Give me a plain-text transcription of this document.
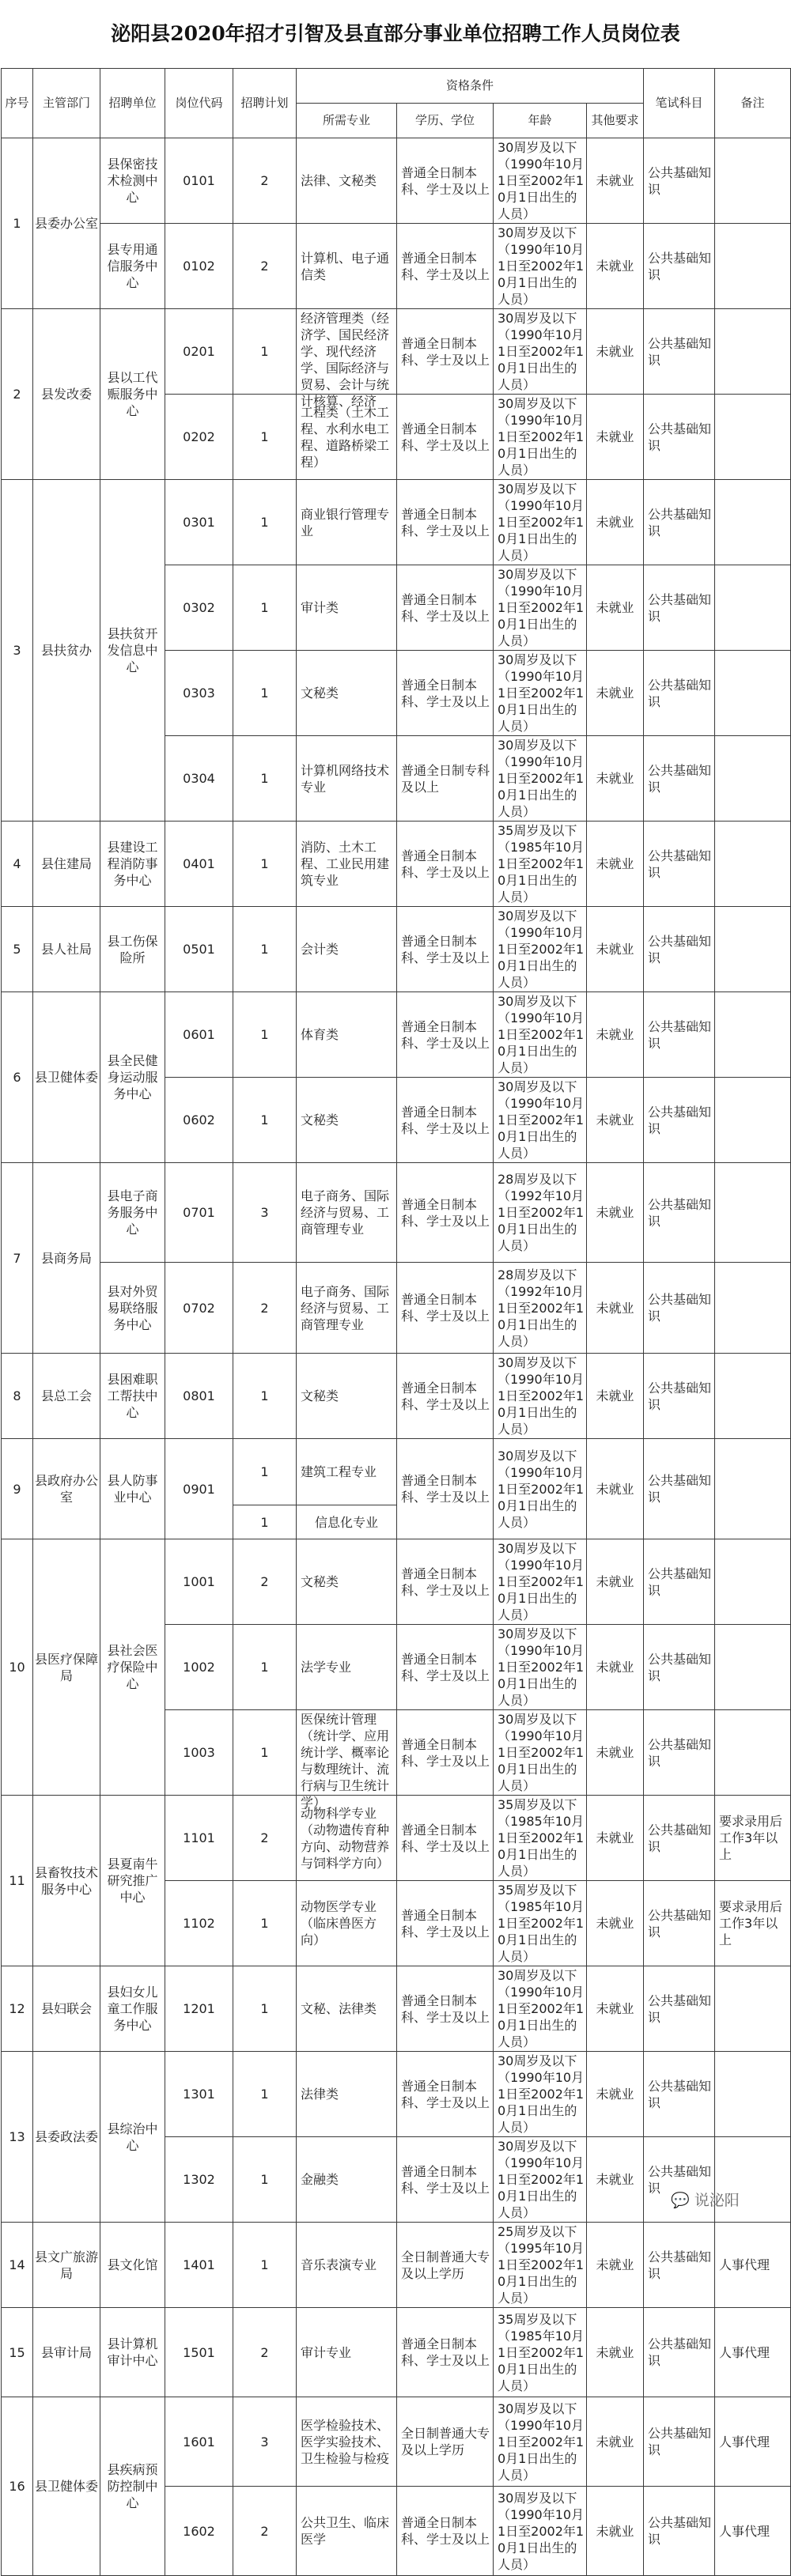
泌阳县2020年招才引智及县直部分事业单位招聘工作人员岗位表
序号	主管部门	招聘单位	岗位代码	招聘计划	资格条件				笔试科目	备注
					所需专业	学历、学位	年龄	其他要求		
1	县委办公室	县保密技术检测中心	0101	2	法律、文秘类	普通全日制本科、学士及以上	30周岁及以下（1990年10月1日至2002年10月1日出生的人员）	未就业	公共基础知识	
		县专用通信服务中心	0102	2	计算机、电子通信类	普通全日制本科、学士及以上	30周岁及以下（1990年10月1日至2002年10月1日出生的人员）	未就业	公共基础知识	
2	县发改委	县以工代赈服务中心	0201	1	经济管理类（经济学、国民经济学、现代经济学、国际经济与贸易、会计与统计核算、经济	普通全日制本科、学士及以上	30周岁及以下（1990年10月1日至2002年10月1日出生的人员）	未就业	公共基础知识	
			0202	1	工程类（土木工程、水利水电工程、道路桥梁工程）	普通全日制本科、学士及以上	30周岁及以下（1990年10月1日至2002年10月1日出生的人员）	未就业	公共基础知识	
3	县扶贫办	县扶贫开发信息中心	0301	1	商业银行管理专业	普通全日制本科、学士及以上	30周岁及以下（1990年10月1日至2002年10月1日出生的人员）	未就业	公共基础知识	
			0302	1	审计类	普通全日制本科、学士及以上	30周岁及以下（1990年10月1日至2002年10月1日出生的人员）	未就业	公共基础知识	
			0303	1	文秘类	普通全日制本科、学士及以上	30周岁及以下（1990年10月1日至2002年10月1日出生的人员）	未就业	公共基础知识	
			0304	1	计算机网络技术专业	普通全日制专科及以上	30周岁及以下（1990年10月1日至2002年10月1日出生的人员）	未就业	公共基础知识	
4	县住建局	县建设工程消防事务中心	0401	1	消防、土木工程、工业民用建筑专业	普通全日制本科、学士及以上	35周岁及以下（1985年10月1日至2002年10月1日出生的人员）	未就业	公共基础知识	
5	县人社局	县工伤保险所	0501	1	会计类	普通全日制本科、学士及以上	30周岁及以下（1990年10月1日至2002年10月1日出生的人员）	未就业	公共基础知识	
6	县卫健体委	县全民健身运动服务中心	0601	1	体育类	普通全日制本科、学士及以上	30周岁及以下（1990年10月1日至2002年10月1日出生的人员）	未就业	公共基础知识	
			0602	1	文秘类	普通全日制本科、学士及以上	30周岁及以下（1990年10月1日至2002年10月1日出生的人员）	未就业	公共基础知识	
7	县商务局	县电子商务服务中心	0701	3	电子商务、国际经济与贸易、工商管理专业	普通全日制本科、学士及以上	28周岁及以下（1992年10月1日至2002年10月1日出生的人员）	未就业	公共基础知识	
		县对外贸易联络服务中心	0702	2	电子商务、国际经济与贸易、工商管理专业	普通全日制本科、学士及以上	28周岁及以下（1992年10月1日至2002年10月1日出生的人员）	未就业	公共基础知识	
8	县总工会	县困难职工帮扶中心	0801	1	文秘类	普通全日制本科、学士及以上	30周岁及以下（1990年10月1日至2002年10月1日出生的人员）	未就业	公共基础知识	
9	县政府办公室	县人防事业中心	0901	1	建筑工程专业	普通全日制本科、学士及以上	30周岁及以下（1990年10月1日至2002年10月1日出生的人员）	未就业	公共基础知识	
				1	信息化专业					
10	县医疗保障局	县社会医疗保险中心	1001	2	文秘类	普通全日制本科、学士及以上	30周岁及以下（1990年10月1日至2002年10月1日出生的人员）	未就业	公共基础知识	
			1002	1	法学专业	普通全日制本科、学士及以上	30周岁及以下（1990年10月1日至2002年10月1日出生的人员）	未就业	公共基础知识	
			1003	1	医保统计管理（统计学、应用统计学、概率论与数理统计、流行病与卫生统计学）	普通全日制本科、学士及以上	30周岁及以下（1990年10月1日至2002年10月1日出生的人员）	未就业	公共基础知识	
11	县畜牧技术服务中心	县夏南牛研究推广中心	1101	2	动物科学专业（动物遗传育种方向、动物营养与饲料学方向）	普通全日制本科、学士及以上	35周岁及以下（1985年10月1日至2002年10月1日出生的人员）	未就业	公共基础知识	要求录用后工作3年以上
			1102	1	动物医学专业（临床兽医方向）	普通全日制本科、学士及以上	35周岁及以下（1985年10月1日至2002年10月1日出生的人员）	未就业	公共基础知识	要求录用后工作3年以上
12	县妇联会	县妇女儿童工作服务中心	1201	1	文秘、法律类	普通全日制本科、学士及以上	30周岁及以下（1990年10月1日至2002年10月1日出生的人员）	未就业	公共基础知识	
13	县委政法委	县综治中心	1301	1	法律类	普通全日制本科、学士及以上	30周岁及以下（1990年10月1日至2002年10月1日出生的人员）	未就业	公共基础知识	
			1302	1	金融类	普通全日制本科、学士及以上	30周岁及以下（1990年10月1日至2002年10月1日出生的人员）	未就业	公共基础知识	
14	县文广旅游局	县文化馆	1401	1	音乐表演专业	全日制普通大专及以上学历	25周岁及以下（1995年10月1日至2002年10月1日出生的人员）	未就业	公共基础知识	人事代理
15	县审计局	县计算机审计中心	1501	2	审计专业	普通全日制本科、学士及以上	35周岁及以下（1985年10月1日至2002年10月1日出生的人员）	未就业	公共基础知识	人事代理
16	县卫健体委	县疾病预防控制中心	1601	3	医学检验技术、医学实验技术、卫生检验与检疫	全日制普通大专及以上学历	30周岁及以下（1990年10月1日至2002年10月1日出生的人员）	未就业	公共基础知识	人事代理
			1602	2	公共卫生、临床医学	普通全日制本科、学士及以上	30周岁及以下（1990年10月1日至2002年10月1日出生的人员）	未就业	公共基础知识	人事代理
💬 说泌阳
